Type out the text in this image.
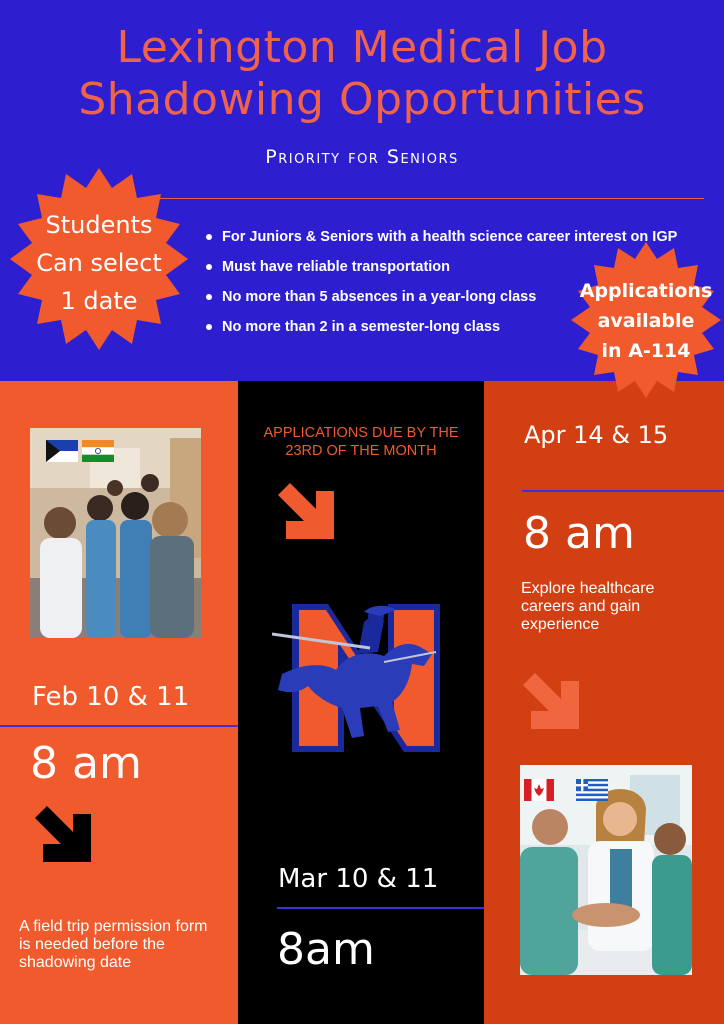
Lexington Medical Job
Shadowing Opportunities
Priority for Seniors
Students
Can select
1 date
For Juniors & Seniors with a health science career interest on IGP
Must have reliable transportation
No more than 5 absences in a year-long class
No more than 2 in a semester-long class
Applications
available
in A-114
APPLICATIONS DUE BY THE
23RD OF THE MONTH
Mar 10 & 11
8am
Feb 10 & 11
8 am
A field trip permission form is needed before the shadowing date
Apr 14 & 15
8 am
Explore healthcare careers and gain experience
